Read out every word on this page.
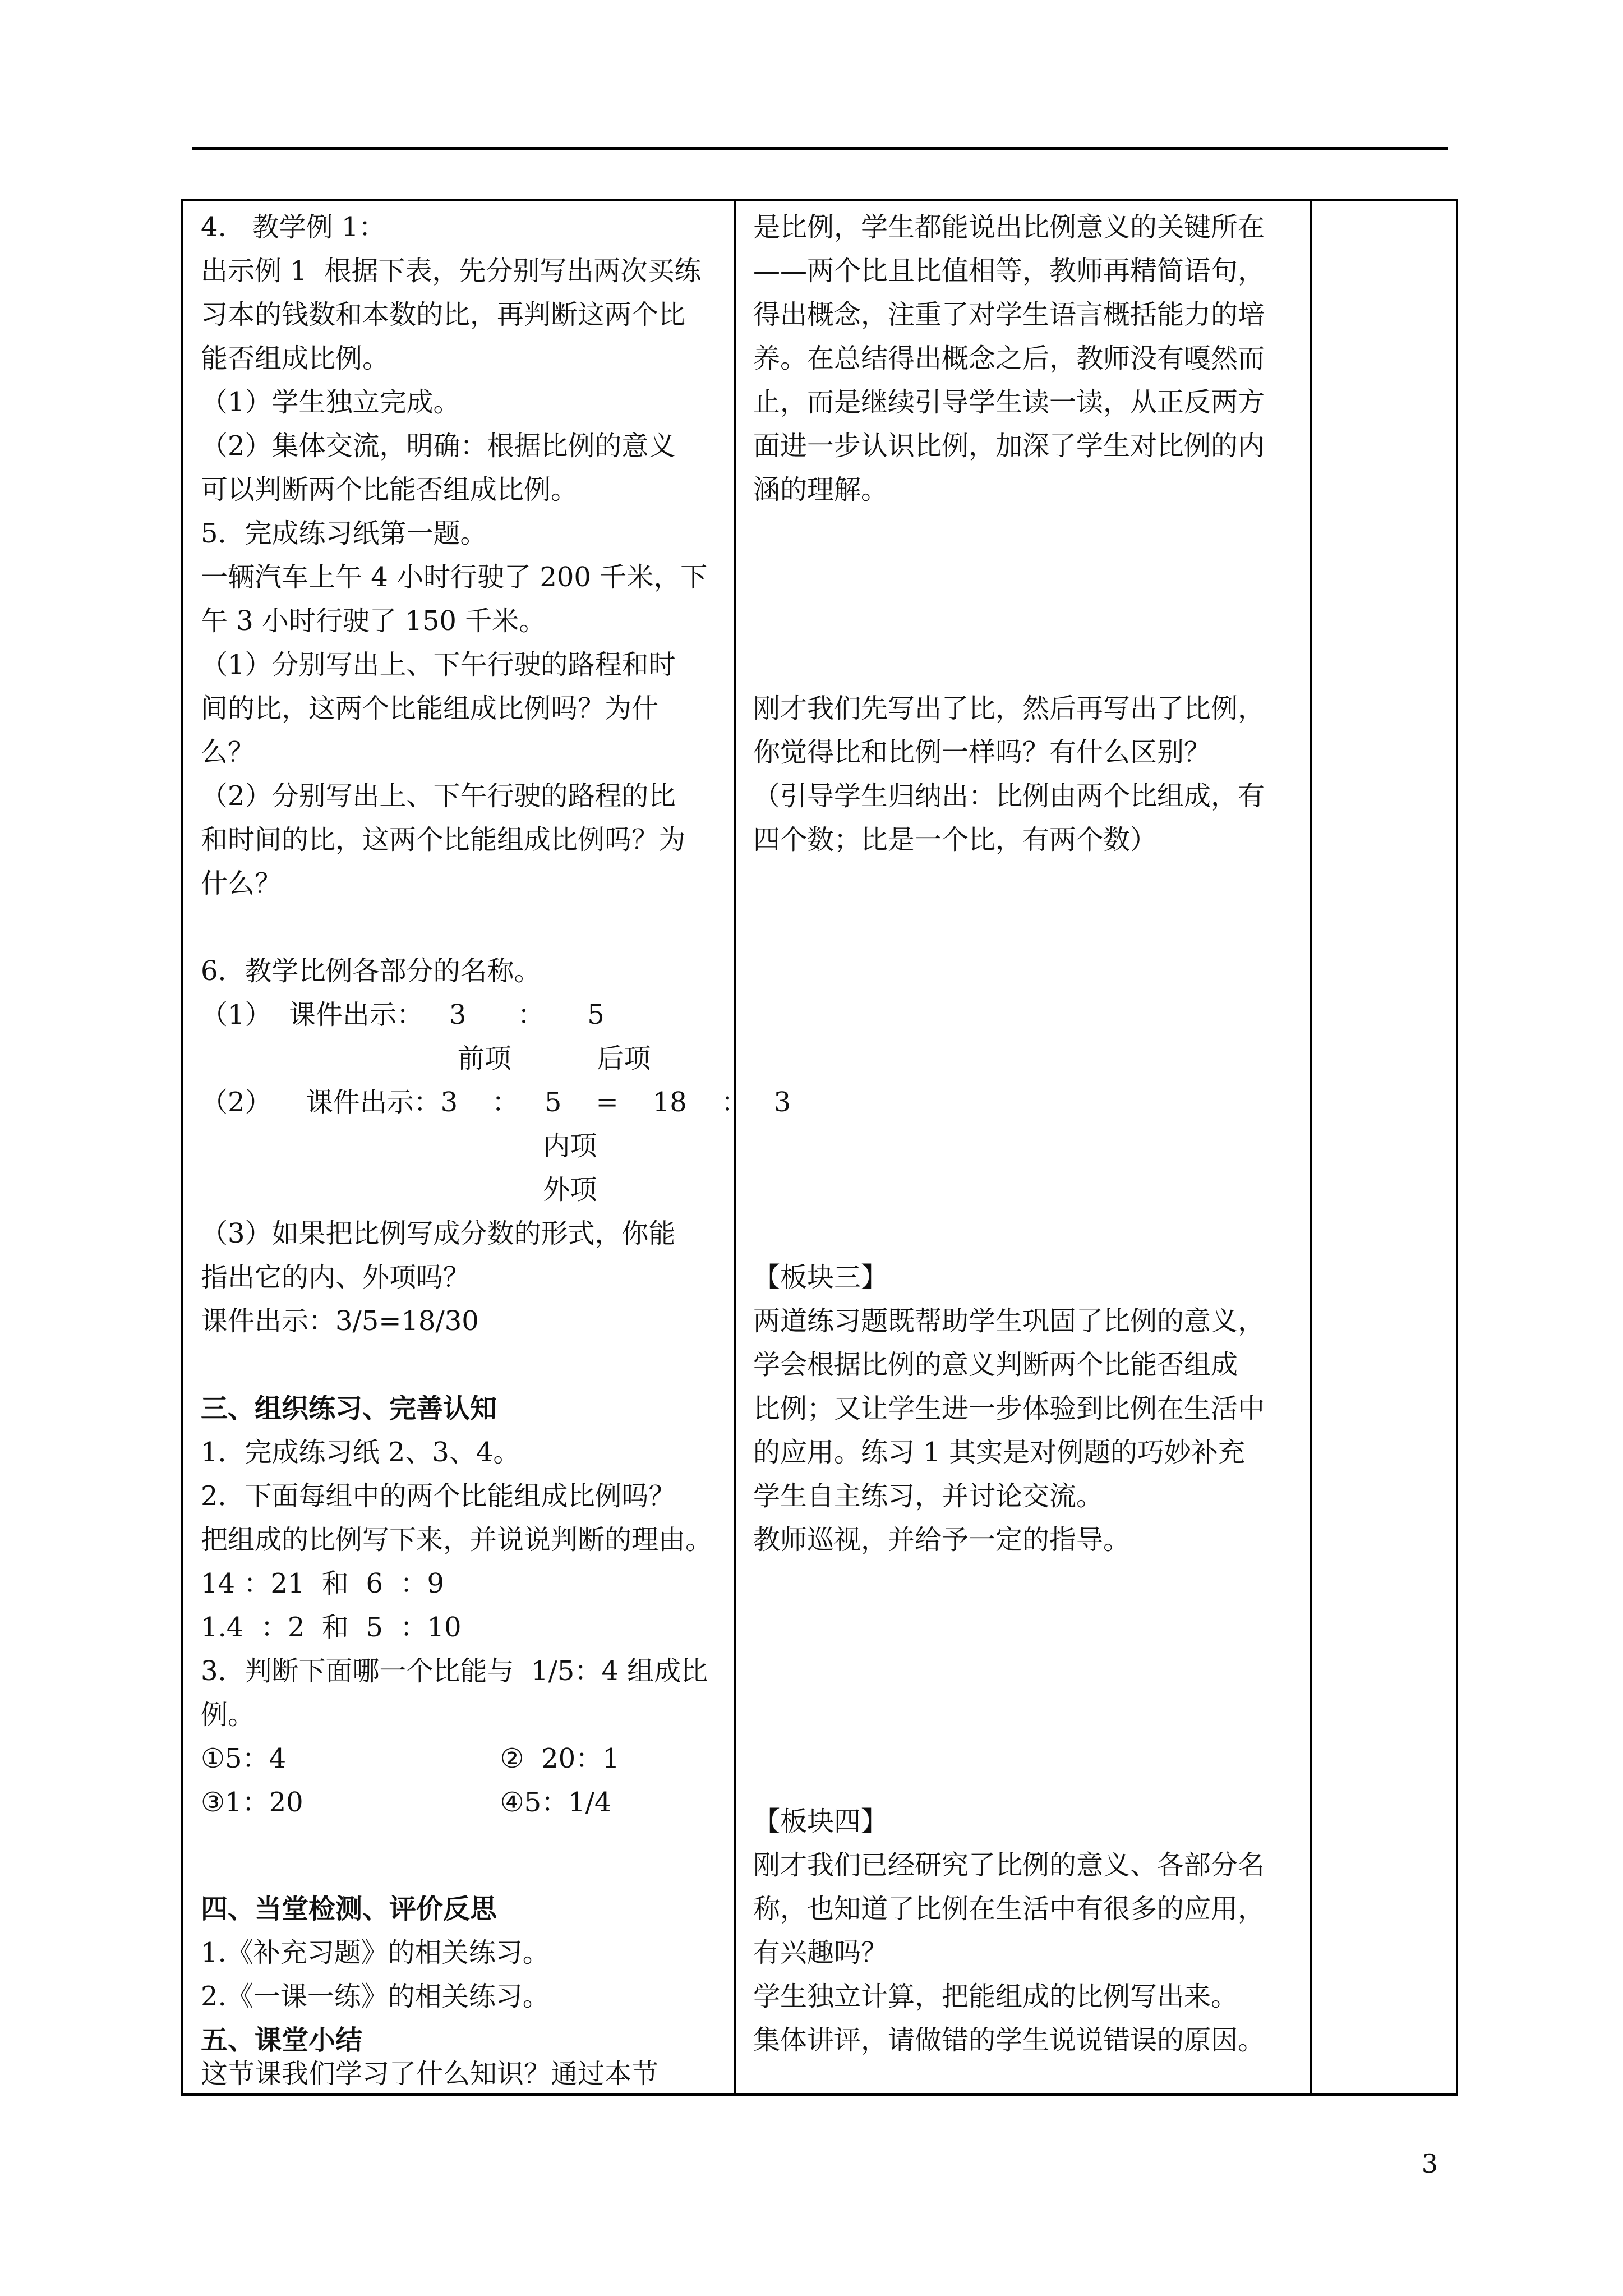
4.   教学例 1：
出示例 1  根据下表，先分别写出两次买练
习本的钱数和本数的比，再判断这两个比
能否组成比例。
（1）学生独立完成。
（2）集体交流，明确：根据比例的意义
可以判断两个比能否组成比例。
5．完成练习纸第一题。
一辆汽车上午 4 小时行驶了 200 千米，下
午 3 小时行驶了 150 千米。
（1）分别写出上、下午行驶的路程和时
间的比，这两个比能组成比例吗？为什
么？
（2）分别写出上、下午行驶的路程的比
和时间的比，这两个比能组成比例吗？为
什么？
6．教学比例各部分的名称。
（1）  课件出示：   3      ：     5
前项          后项
（2）    课件出示：3    ：   5    =    18    ：   3
内项
外项
（3）如果把比例写成分数的形式，你能
指出它的内、外项吗？
课件出示：3/5=18/30
三、组织练习、完善认知
1．完成练习纸 2、3、4。
2．下面每组中的两个比能组成比例吗？
把组成的比例写下来，并说说判断的理由。
14 ：21  和  6  ：9
1.4  ：2  和  5  ：10
3．判断下面哪一个比能与  1/5：4 组成比
例。
①5：4                         ②  20：1
③1：20                       ④5：1/4
四、当堂检测、评价反思
1.《补充习题》的相关练习。
2.《一课一练》的相关练习。
五、课堂小结
这节课我们学习了什么知识？通过本节
是比例，学生都能说出比例意义的关键所在
——两个比且比值相等，教师再精简语句，
得出概念，注重了对学生语言概括能力的培
养。在总结得出概念之后，教师没有嘎然而
止，而是继续引导学生读一读，从正反两方
面进一步认识比例，加深了学生对比例的内
涵的理解。
刚才我们先写出了比，然后再写出了比例，
你觉得比和比例一样吗？有什么区别？
（引导学生归纳出：比例由两个比组成，有
四个数；比是一个比，有两个数）
【板块三】
两道练习题既帮助学生巩固了比例的意义，
学会根据比例的意义判断两个比能否组成
比例；又让学生进一步体验到比例在生活中
的应用。练习 1 其实是对例题的巧妙补充
学生自主练习，并讨论交流。
教师巡视，并给予一定的指导。
【板块四】
刚才我们已经研究了比例的意义、各部分名
称，也知道了比例在生活中有很多的应用，
有兴趣吗？
学生独立计算，把能组成的比例写出来。
集体讲评，请做错的学生说说错误的原因。
3
